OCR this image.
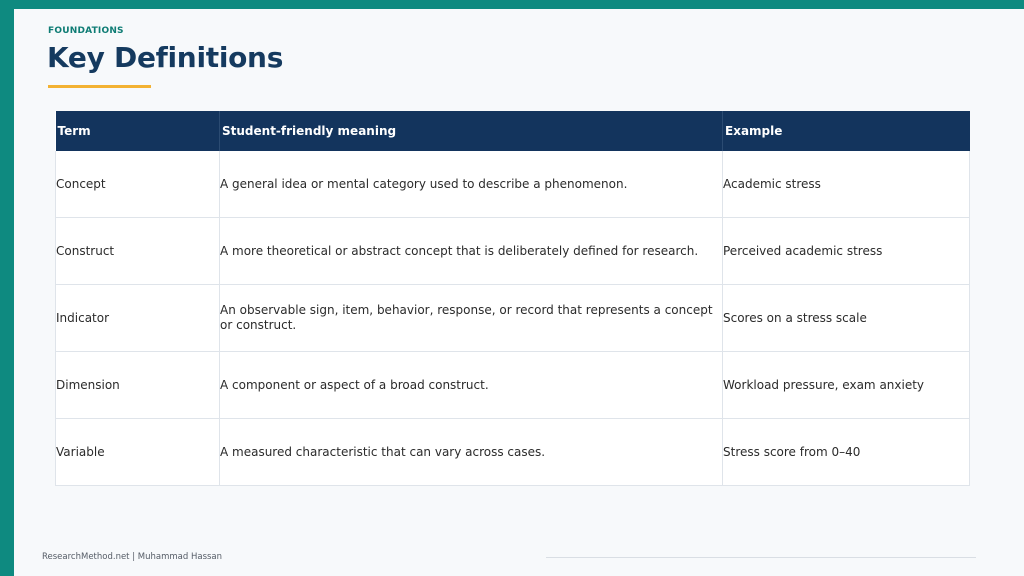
FOUNDATIONS
Key Definitions
Term	Student-friendly meaning	Example
Concept	A general idea or mental category used to describe a phenomenon.	Academic stress
Construct	A more theoretical or abstract concept that is deliberately defined for research.	Perceived academic stress
Indicator	An observable sign, item, behavior, response, or record that represents a concept or construct.	Scores on a stress scale
Dimension	A component or aspect of a broad construct.	Workload pressure, exam anxiety
Variable	A measured characteristic that can vary across cases.	Stress score from 0–40
ResearchMethod.net | Muhammad Hassan
